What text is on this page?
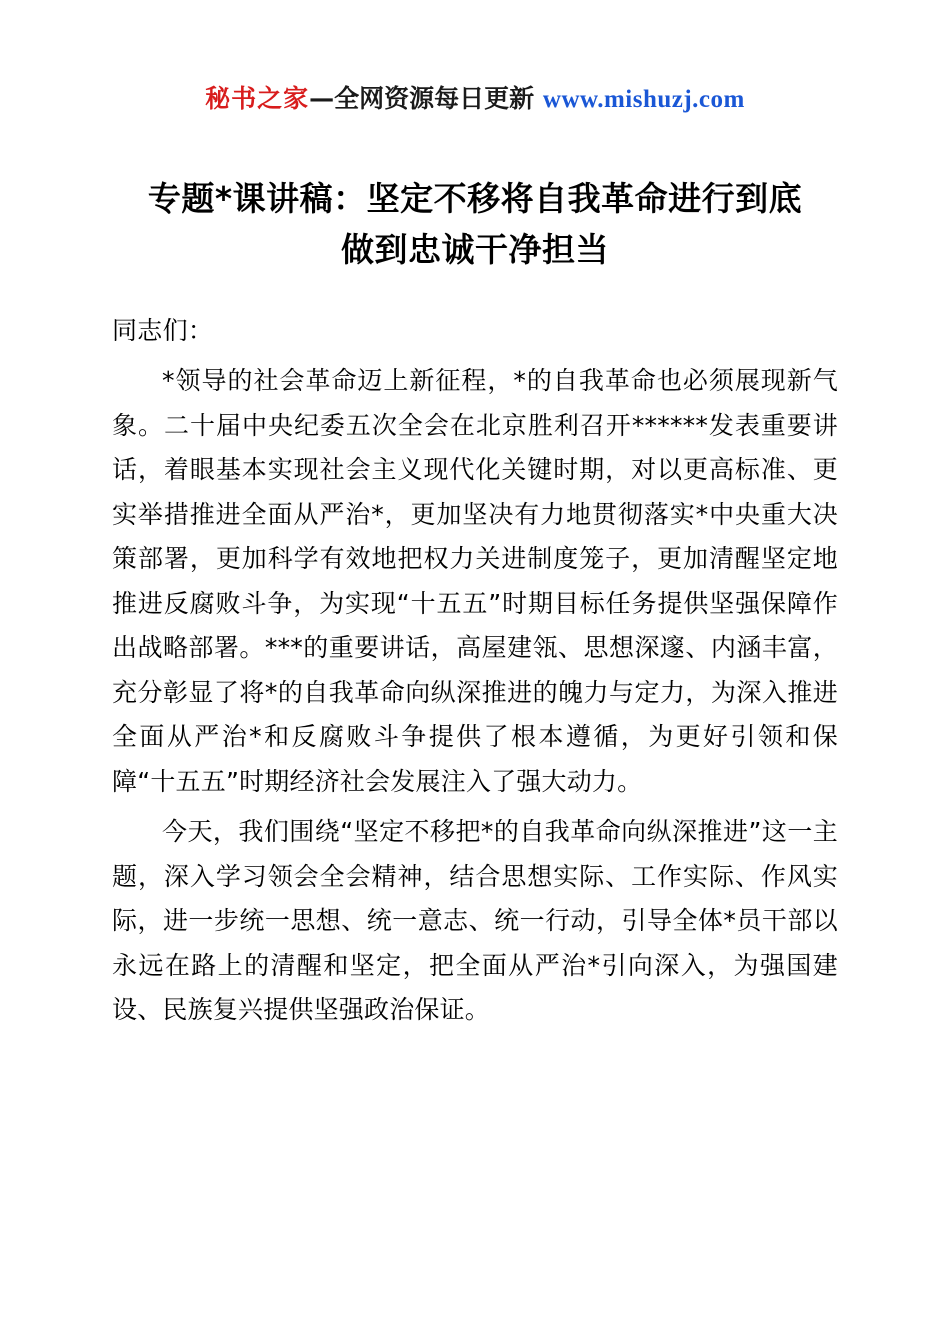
秘书之家—全网资源每日更新 www.mishuzj.com
专题*课讲稿：坚定不移将自我革命进行到底
做到忠诚干净担当
同志们：

*领导的社会革命迈上新征程，*的自我革命也必须展现新气象。二十届中央纪委五次全会在北京胜利召开******发表重要讲话，着眼基本实现社会主义现代化关键时期，对以更高标准、更实举措推进全面从严治*，更加坚决有力地贯彻落实*中央重大决策部署，更加科学有效地把权力关进制度笼子，更加清醒坚定地推进反腐败斗争，为实现“十五五”时期目标任务提供坚强保障作出战略部署。***的重要讲话，高屋建瓴、思想深邃、内涵丰富，充分彰显了将*的自我革命向纵深推进的魄力与定力，为深入推进全面从严治*和反腐败斗争提供了根本遵循，为更好引领和保障“十五五”时期经济社会发展注入了强大动力。

今天，我们围绕“坚定不移把*的自我革命向纵深推进”这一主题，深入学习领会全会精神，结合思想实际、工作实际、作风实际，进一步统一思想、统一意志、统一行动，引导全体*员干部以永远在路上的清醒和坚定，把全面从严治*引向深入，为强国建设、民族复兴提供坚强政治保证。
